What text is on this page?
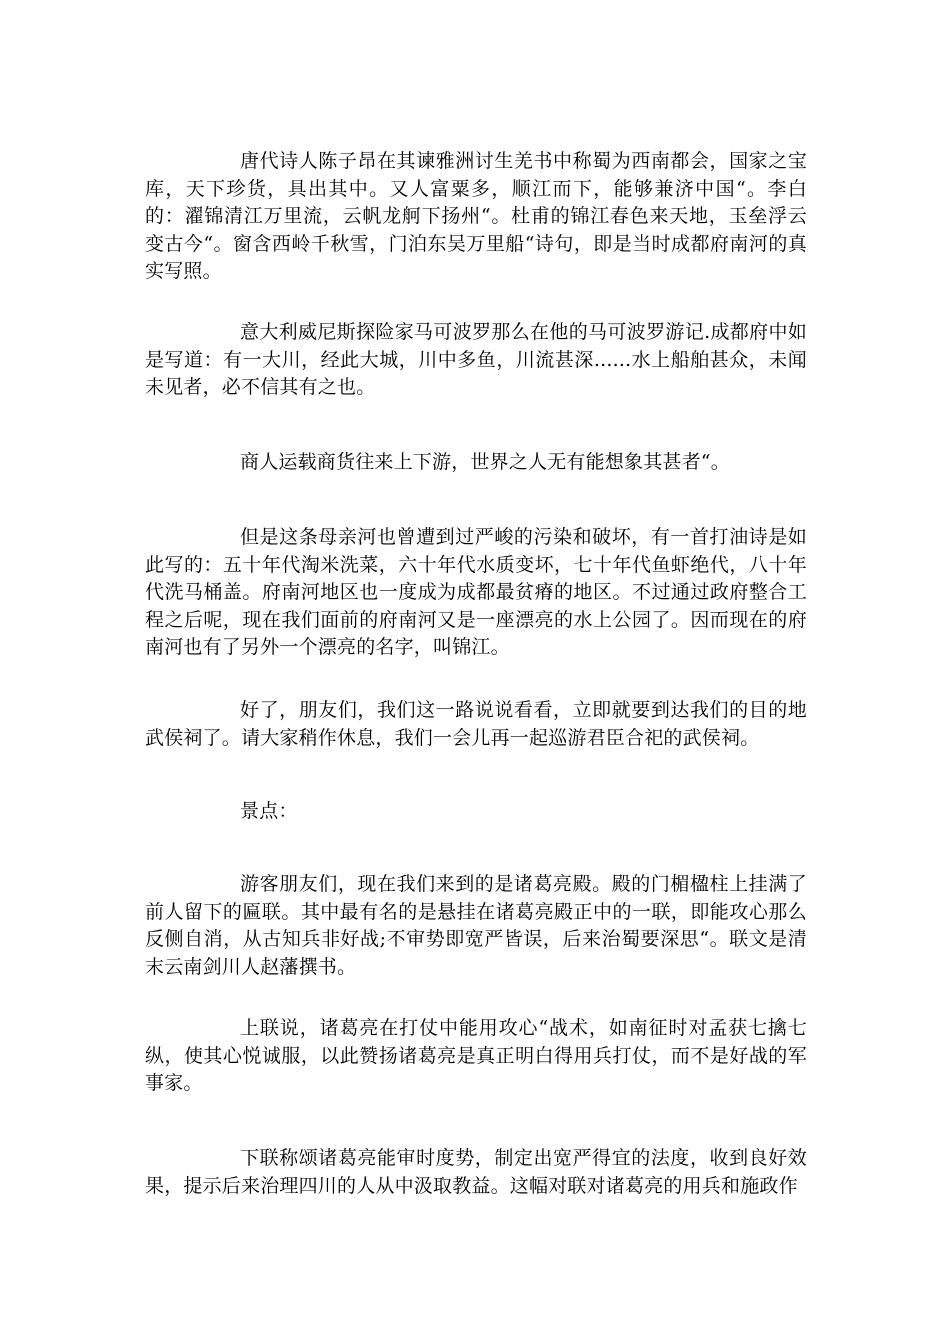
唐代诗人陈子昂在其谏雅洲讨生羌书中称蜀为西南都会，国家之宝库，天下珍货，具出其中。又人富粟多，顺江而下，能够兼济中国“。李白的：濯锦清江万里流，云帆龙舸下扬州“。杜甫的锦江春色来天地，玉垒浮云变古今“。窗含西岭千秋雪，门泊东吴万里船“诗句，即是当时成都府南河的真实写照。

意大利威尼斯探险家马可波罗那么在他的马可波罗游记.成都府中如是写道：有一大川，经此大城，川中多鱼，川流甚深......水上船舶甚众，未闻未见者，必不信其有之也。

商人运载商货往来上下游，世界之人无有能想象其甚者“。

但是这条母亲河也曾遭到过严峻的污染和破坏，有一首打油诗是如此写的：五十年代淘米洗菜，六十年代水质变坏，七十年代鱼虾绝代，八十年代洗马桶盖。府南河地区也一度成为成都最贫瘠的地区。不过通过政府整合工程之后呢，现在我们面前的府南河又是一座漂亮的水上公园了。因而现在的府南河也有了另外一个漂亮的名字，叫锦江。

好了，朋友们，我们这一路说说看看，立即就要到达我们的目的地武侯祠了。请大家稍作休息，我们一会儿再一起巡游君臣合祀的武侯祠。

景点：

游客朋友们，现在我们来到的是诸葛亮殿。殿的门楣楹柱上挂满了前人留下的匾联。其中最有名的是悬挂在诸葛亮殿正中的一联，即能攻心那么反侧自消，从古知兵非好战;不审势即宽严皆误，后来治蜀要深思“。联文是清末云南剑川人赵藩撰书。

上联说，诸葛亮在打仗中能用攻心“战术，如南征时对孟获七擒七纵，使其心悦诚服，以此赞扬诸葛亮是真正明白得用兵打仗，而不是好战的军事家。

下联称颂诸葛亮能审时度势，制定出宽严得宜的法度，收到良好效果，提示后来治理四川的人从中汲取教益。这幅对联对诸葛亮的用兵和施政作
